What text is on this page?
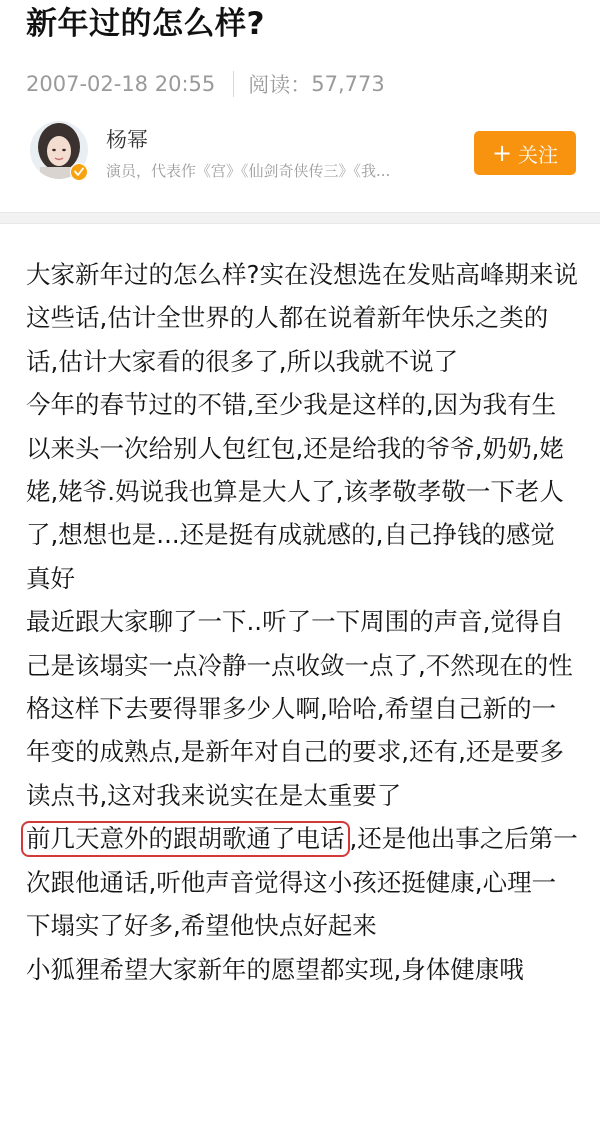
新年过的怎么样?
2007-02-18 20:55 阅读： 57,773
杨幂
演员，代表作《宫》《仙剑奇侠传三》《我...
+ 关注

大家新年过的怎么样?实在没想选在发贴高峰期来说这些话,估计全世界的人都在说着新年快乐之类的话,估计大家看的很多了,所以我就不说了

今年的春节过的不错,至少我是这样的,因为我有生以来头一次给别人包红包,还是给我的爷爷,奶奶,姥姥,姥爷.妈说我也算是大人了,该孝敬孝敬一下老人了,想想也是...还是挺有成就感的,自己挣钱的感觉真好

最近跟大家聊了一下..听了一下周围的声音,觉得自己是该塌实一点冷静一点收敛一点了,不然现在的性格这样下去要得罪多少人啊,哈哈,希望自己新的一年变的成熟点,是新年对自己的要求,还有,还是要多读点书,这对我来说实在是太重要了

前几天意外的跟胡歌通了电话 ,还是他出事之后第一次跟他通话,听他声音觉得这小孩还挺健康,心理一下塌实了好多,希望他快点好起来

小狐狸希望大家新年的愿望都实现,身体健康哦
